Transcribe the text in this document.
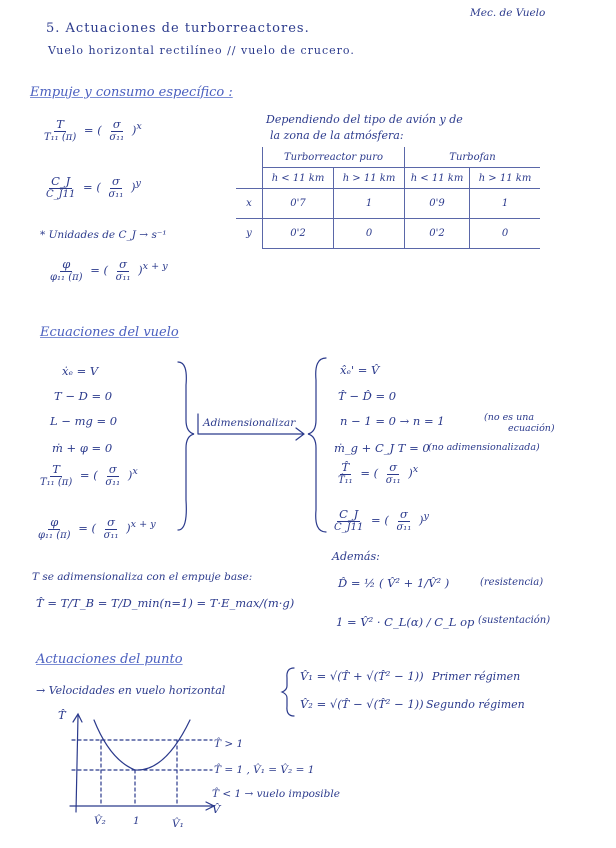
5. Actuaciones de turborreactores.
Vuelo horizontal rectilíneo // vuelo de crucero.
Mec. de Vuelo
Empuje y consumo específico :
$\frac{T}{\text{T₁₁ (π)}}$ = ( $\frac{\sigma}{\text{σ₁₁}} )^x$
$\frac{C\_J}{C\_J11}$ = ( $\frac{\sigma}{\text{σ₁₁}} )^y$
* Unidades de C_J → s⁻¹
$\frac{\varphi}{\text{φ₁₁ (π)}}$ = ( $\frac{\sigma}{\text{σ₁₁}} )^{x + y}$
Dependiendo del tipo de avión y de
la zona de la atmósfera:
	Turborreactor puro		Turbofan	
	h < 11 km	h > 11 km	h < 11 km	h > 11 km
x	0'7	1	0'9	1
y	0'2	0	0'2	0
Ecuaciones del vuelo
ẋₑ = V
T − D = 0
L − mg = 0
ṁ + φ = 0
$\frac{T}{\text{T₁₁ (π)}}$ = ( $\frac{\sigma}{\text{σ₁₁}} )^x$
$\frac{\varphi}{\text{φ₁₁ (π)}}$ = ( $\frac{\sigma}{\text{σ₁₁}} )^{x + y}$
Adimensionalizar
x̂ₑ' = V̂
T̂ − D̂ = 0
n − 1 = 0 → n = 1	(no es una
ecuación)
ṁ_g + C_J T = 0
(no adimensionalizada)
$\frac{T̂}{\text{T̂₁₁}}$ = ( $\frac{\sigma}{\text{σ₁₁}} )^x$
$\frac{C\_J}{C\_J11}$ = ( $\frac{\sigma}{\text{σ₁₁}} )^y$
Además:
D̂ = ½ ( V̂² + 1/V̂² )	(resistencia)
1 = V̂² · C_L(α) / C_L op (sustentación)
T se adimensionaliza con el empuje base:
T̂ = T/T_B = T/D_min(n=1) = T·E_max/(m·g)
Actuaciones del punto
→ Velocidades en vuelo horizontal
V̂₁ = √(T̂ + √(T̂² − 1)) Primer régimen
V̂₂ = √(T̂ − √(T̂² − 1)) Segundo régimen
T̂
V̂
T̂ > 1
T̂ = 1 , V̂₁ = V̂₂ = 1
T̂ < 1 → vuelo imposible
V̂₂	1	V̂₁
